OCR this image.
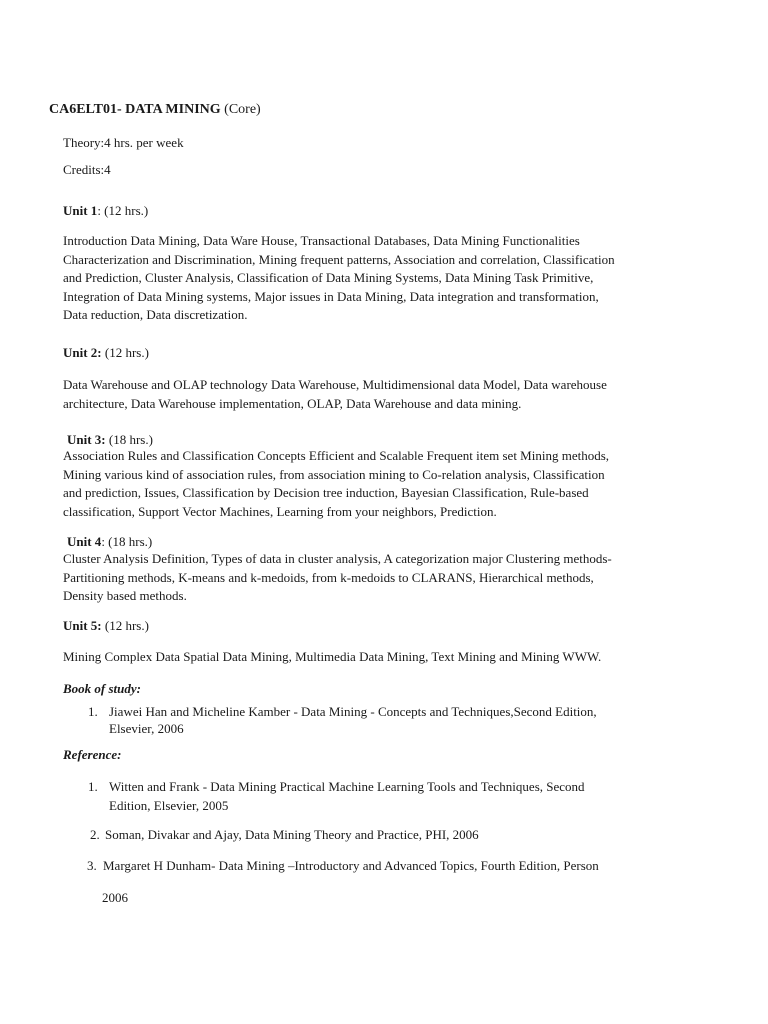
CA6ELT01- DATA MINING (Core)
Theory:4 hrs. per week
Credits:4
Unit 1: (12 hrs.)
Introduction Data Mining, Data Ware House, Transactional Databases, Data Mining Functionalities
Characterization and Discrimination, Mining frequent patterns, Association and correlation, Classification
and Prediction, Cluster Analysis, Classification of Data Mining Systems, Data Mining Task Primitive,
Integration of Data Mining systems, Major issues in Data Mining, Data integration and transformation,
Data reduction, Data discretization.
Unit 2: (12 hrs.)
Data Warehouse and OLAP technology Data Warehouse, Multidimensional data Model, Data warehouse
architecture, Data Warehouse implementation, OLAP, Data Warehouse and data mining.
Unit 3: (18 hrs.)
Association Rules and Classification Concepts Efficient and Scalable Frequent item set Mining methods,
Mining various kind of association rules, from association mining to Co-relation analysis, Classification
and prediction, Issues, Classification by Decision tree induction, Bayesian Classification, Rule-based
classification, Support Vector Machines, Learning from your neighbors, Prediction.
Unit 4: (18 hrs.)
Cluster Analysis Definition, Types of data in cluster analysis, A categorization major Clustering methods-
Partitioning methods, K-means and k-medoids, from k-medoids to CLARANS, Hierarchical methods,
Density based methods.
Unit 5: (12 hrs.)
Mining Complex Data Spatial Data Mining, Multimedia Data Mining, Text Mining and Mining WWW.
Book of study:
1. Jiawei Han and Micheline Kamber - Data Mining - Concepts and Techniques,Second Edition,
Elsevier, 2006
Reference:
1. Witten and Frank - Data Mining Practical Machine Learning Tools and Techniques, Second
Edition, Elsevier, 2005
2. Soman, Divakar and Ajay, Data Mining Theory and Practice, PHI, 2006
3. Margaret H Dunham- Data Mining –Introductory and Advanced Topics, Fourth Edition, Person
2006
